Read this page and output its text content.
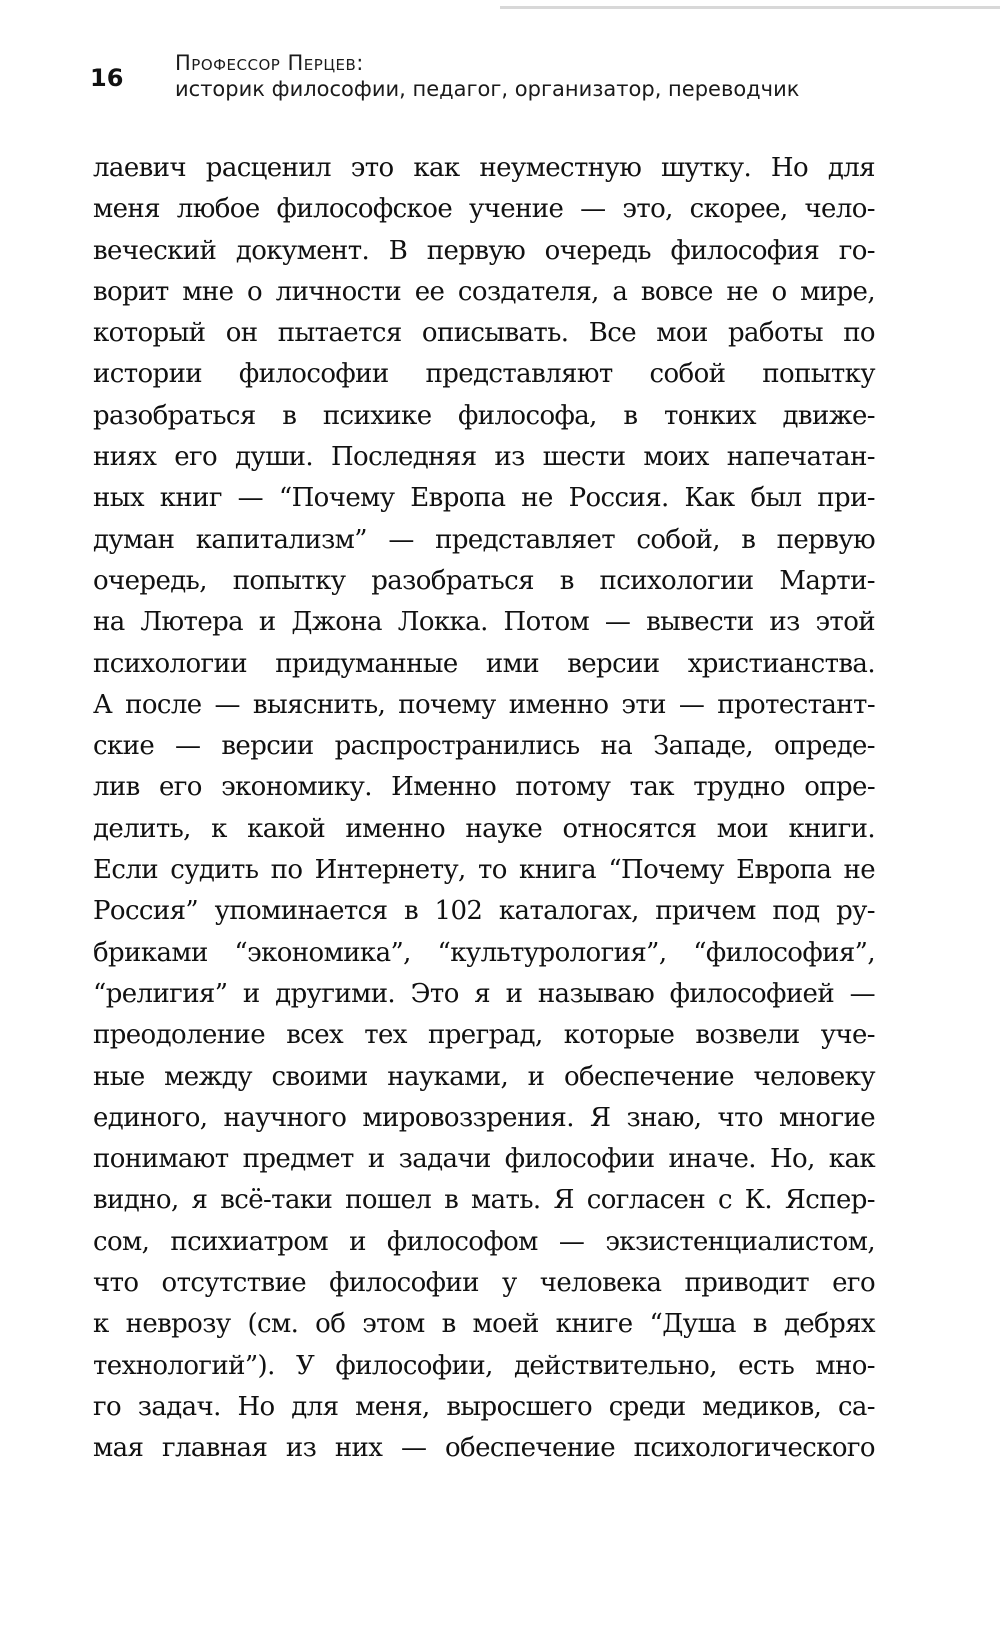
16
Профессор Перцев:
историк философии, педагог, организатор, переводчик
лаевич расценил это как неуместную шутку. Но для
меня любое философское учение — это, скорее, чело-
веческий документ. В первую очередь философия го-
ворит мне о личности ее создателя, а вовсе не о мире,
который он пытается описывать. Все мои работы по
истории философии представляют собой попытку
разобраться в психике философа, в тонких движе-
ниях его души. Последняя из шести моих напечатан-
ных книг — “Почему Европа не Россия. Как был при-
думан капитализм” — представляет собой, в первую
очередь, попытку разобраться в психологии Марти-
на Лютера и Джона Локка. Потом — вывести из этой
психологии придуманные ими версии христианства.
А после — выяснить, почему именно эти — протестант-
ские — версии распространились на Западе, опреде-
лив его экономику. Именно потому так трудно опре-
делить, к какой именно науке относятся мои книги.
Если судить по Интернету, то книга “Почему Европа не
Россия” упоминается в 102 каталогах, причем под ру-
бриками “экономика”, “культурология”, “философия”,
“религия” и другими. Это я и называю философией —
преодоление всех тех преград, которые возвели уче-
ные между своими науками, и обеспечение человеку
единого, научного мировоззрения. Я знаю, что многие
понимают предмет и задачи философии иначе. Но, как
видно, я всё-таки пошел в мать. Я согласен с К. Яспер-
сом, психиатром и философом — экзистенциалистом,
что отсутствие философии у человека приводит его
к неврозу (см. об этом в моей книге “Душа в дебрях
технологий”). У философии, действительно, есть мно-
го задач. Но для меня, выросшего среди медиков, са-
мая главная из них — обеспечение психологического
